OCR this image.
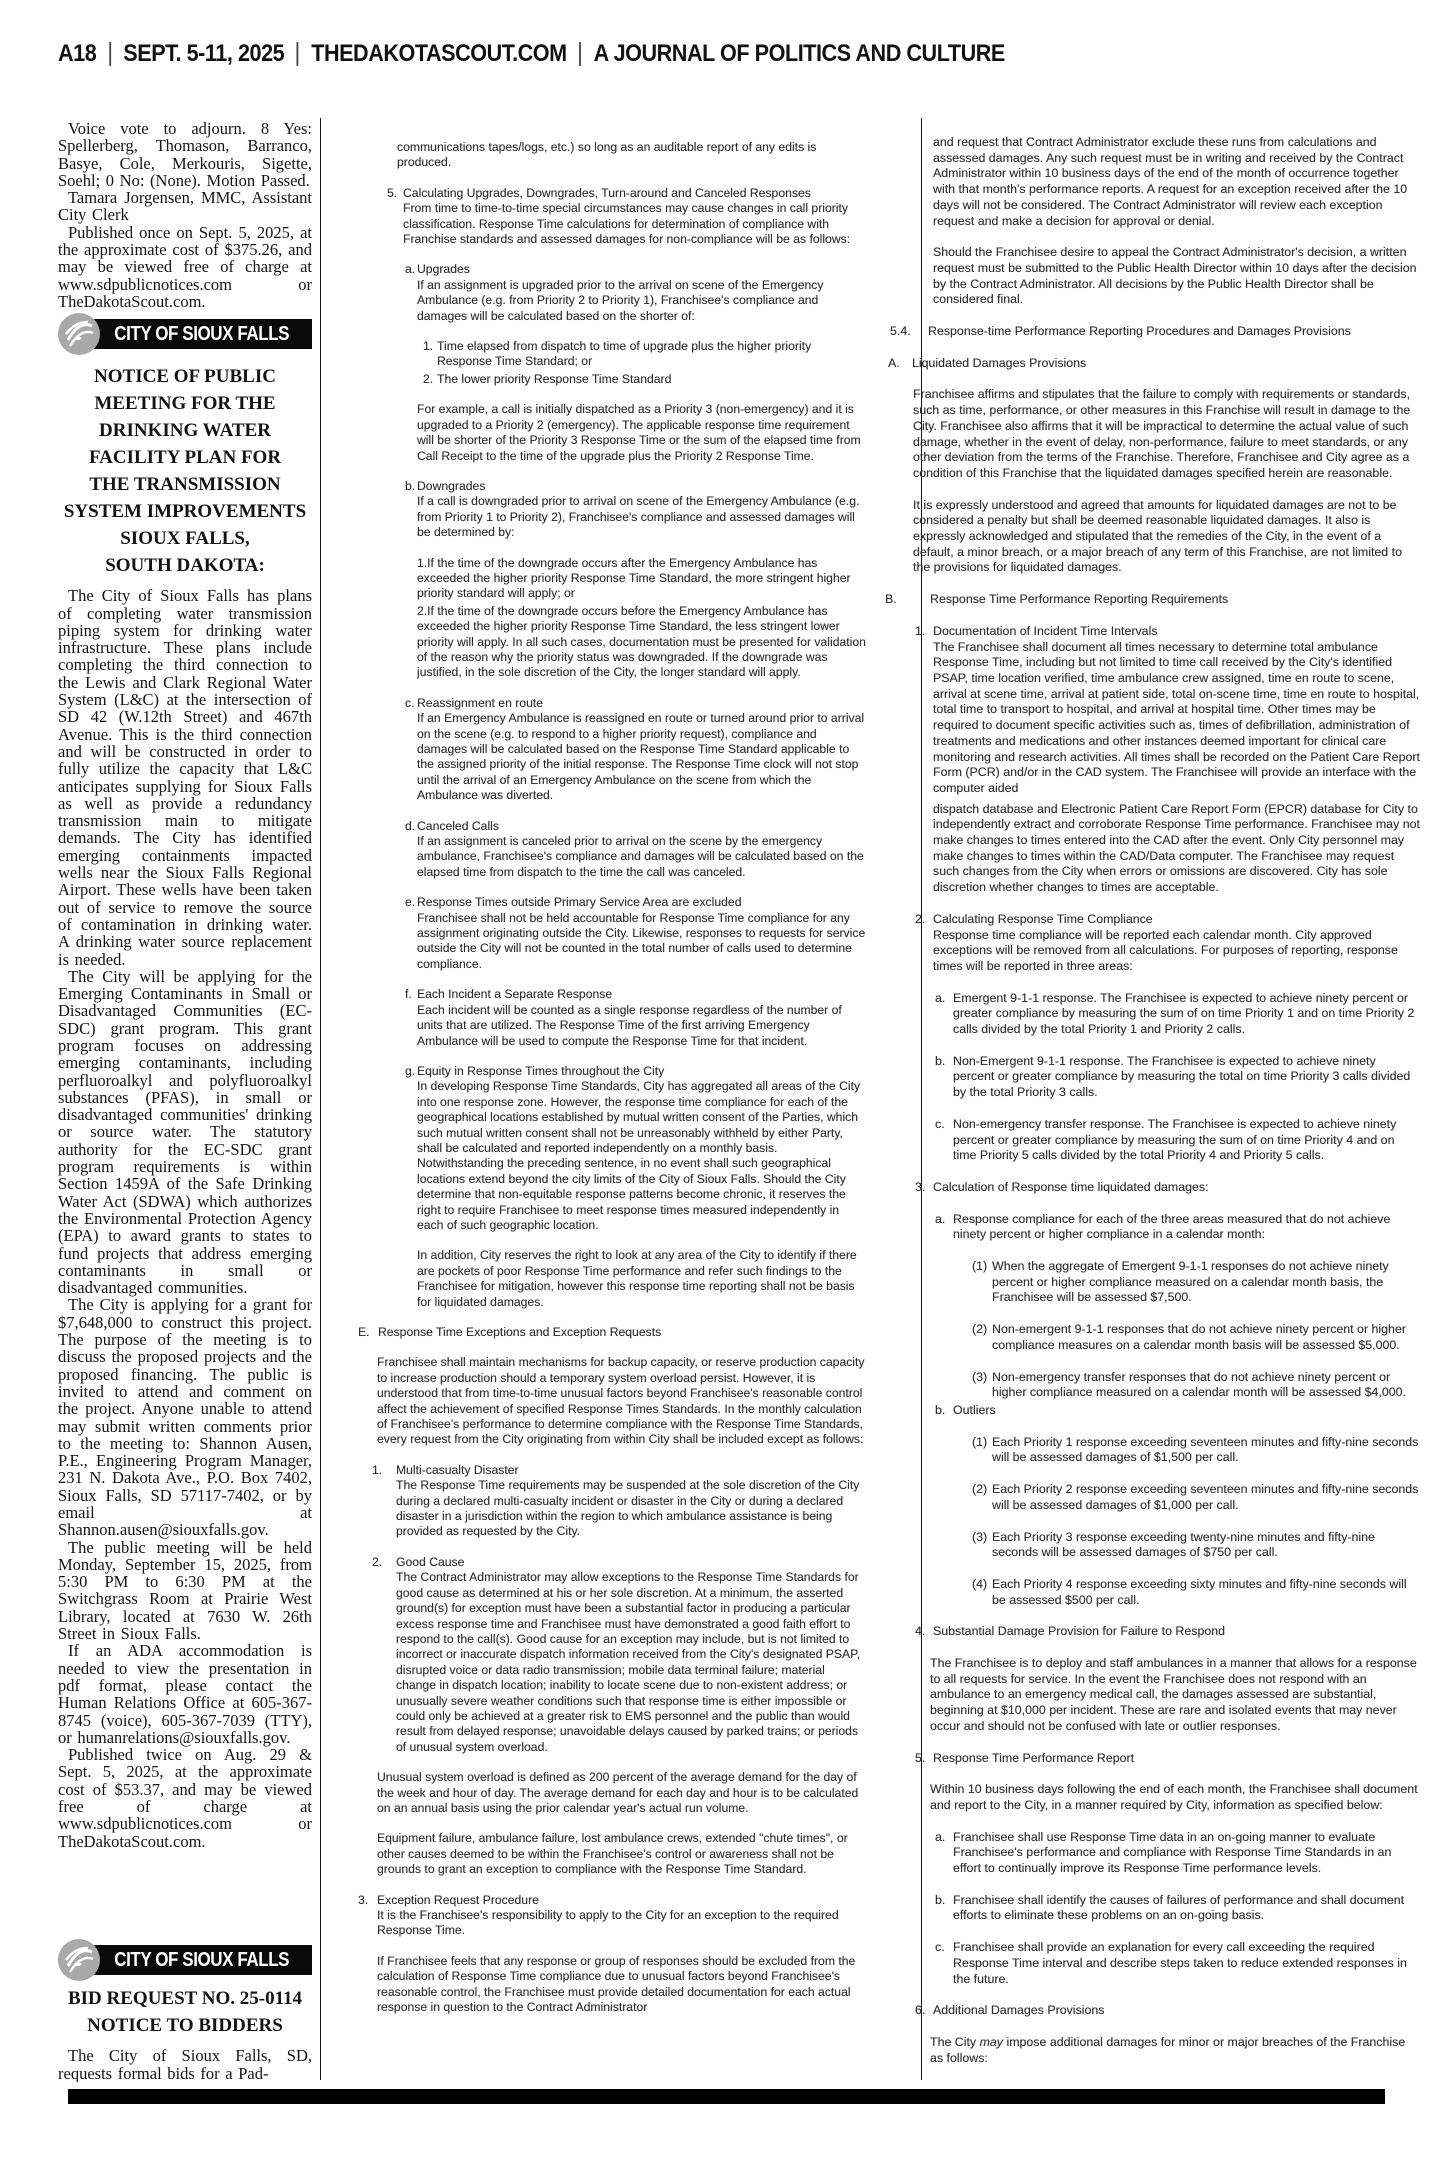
A18 SEPT. 5-11, 2025 THEDAKOTASCOUT.COM A JOURNAL OF POLITICS AND CULTURE

Voice vote to adjourn. 8 Yes: Spellerberg, Thomason, Barranco, Basye, Cole, Merkouris, Sigette, Soehl; 0 No: (None). Motion Passed.

Tamara Jorgensen, MMC, Assistant City Clerk

Published once on Sept. 5, 2025, at the approximate cost of $375.26, and may be viewed free of charge at www.sdpublicnotices.com or TheDakotaScout.com.

CITY OF SIOUX FALLS
NOTICE OF PUBLIC
MEETING FOR THE
DRINKING WATER
FACILITY PLAN FOR
THE TRANSMISSION
SYSTEM IMPROVEMENTS
SIOUX FALLS,
SOUTH DAKOTA:

The City of Sioux Falls has plans of completing water transmission piping system for drinking water infrastructure. These plans include completing the third connection to the Lewis and Clark Regional Water System (L&C) at the intersection of SD 42 (W.12th Street) and 467th Avenue. This is the third connection and will be constructed in order to fully utilize the capacity that L&C anticipates supplying for Sioux Falls as well as provide a redundancy transmission main to mitigate demands. The City has identified emerging containments impacted wells near the Sioux Falls Regional Airport. These wells have been taken out of service to remove the source of contamination in drinking water. A drinking water source replacement is needed.

The City will be applying for the Emerging Contaminants in Small or Disadvantaged Communities (EC-SDC) grant program. This grant program focuses on addressing emerging contaminants, including perfluoroalkyl and polyfluoroalkyl substances (PFAS), in small or disadvantaged communities' drinking or source water. The statutory authority for the EC-SDC grant program requirements is within Section 1459A of the Safe Drinking Water Act (SDWA) which authorizes the Environmental Protection Agency (EPA) to award grants to states to fund projects that address emerging contaminants in small or disadvantaged communities.

The City is applying for a grant for $7,648,000 to construct this project. The purpose of the meeting is to discuss the proposed projects and the proposed financing. The public is invited to attend and comment on the project. Anyone unable to attend may submit written comments prior to the meeting to: Shannon Ausen, P.E., Engineering Program Manager, 231 N. Dakota Ave., P.O. Box 7402, Sioux Falls, SD 57117-7402, or by email at Shannon.ausen@siouxfalls.gov.

The public meeting will be held Monday, September 15, 2025, from 5:30 PM to 6:30 PM at the Switchgrass Room at Prairie West Library, located at 7630 W. 26th Street in Sioux Falls.

If an ADA accommodation is needed to view the presentation in pdf format, please contact the Human Relations Office at 605-367-8745 (voice), 605-367-7039 (TTY), or humanrelations@siouxfalls.gov.

Published twice on Aug. 29 & Sept. 5, 2025, at the approximate cost of $53.37, and may be viewed free of charge at www.sdpublicnotices.com or TheDakotaScout.com.

CITY OF SIOUX FALLS
BID REQUEST NO. 25-0114
NOTICE TO BIDDERS

The City of Sioux Falls, SD, requests formal bids for a Pad-

communications tapes/logs, etc.) so long as an auditable report of any edits is produced.
5. Calculating Upgrades, Downgrades, Turn-around and Canceled Responses
From time to time-to-time special circumstances may cause changes in call priority classification. Response Time calculations for determination of compliance with Franchise standards and assessed damages for non-compliance will be as follows:
a. Upgrades
If an assignment is upgraded prior to the arrival on scene of the Emergency Ambulance (e.g. from Priority 2 to Priority 1), Franchisee's compliance and damages will be calculated based on the shorter of:
1. Time elapsed from dispatch to time of upgrade plus the higher priority Response Time Standard; or
2. The lower priority Response Time Standard
For example, a call is initially dispatched as a Priority 3 (non-emergency) and it is upgraded to a Priority 2 (emergency). The applicable response time requirement will be shorter of the Priority 3 Response Time or the sum of the elapsed time from Call Receipt to the time of the upgrade plus the Priority 2 Response Time.
b. Downgrades
If a call is downgraded prior to arrival on scene of the Emergency Ambulance (e.g. from Priority 1 to Priority 2), Franchisee's compliance and assessed damages will be determined by:
1.If the time of the downgrade occurs after the Emergency Ambulance has exceeded the higher priority Response Time Standard, the more stringent higher priority standard will apply; or
2.If the time of the downgrade occurs before the Emergency Ambulance has exceeded the higher priority Response Time Standard, the less stringent lower priority will apply. In all such cases, documentation must be presented for validation of the reason why the priority status was downgraded. If the downgrade was justified, in the sole discretion of the City, the longer standard will apply.
c. Reassignment en route
If an Emergency Ambulance is reassigned en route or turned around prior to arrival on the scene (e.g. to respond to a higher priority request), compliance and damages will be calculated based on the Response Time Standard applicable to the assigned priority of the initial response. The Response Time clock will not stop until the arrival of an Emergency Ambulance on the scene from which the Ambulance was diverted.
d. Canceled Calls
If an assignment is canceled prior to arrival on the scene by the emergency ambulance, Franchisee's compliance and damages will be calculated based on the elapsed time from dispatch to the time the call was canceled.
e. Response Times outside Primary Service Area are excluded
Franchisee shall not be held accountable for Response Time compliance for any assignment originating outside the City. Likewise, responses to requests for service outside the City will not be counted in the total number of calls used to determine compliance.
f. Each Incident a Separate Response
Each incident will be counted as a single response regardless of the number of units that are utilized. The Response Time of the first arriving Emergency Ambulance will be used to compute the Response Time for that incident.
g. Equity in Response Times throughout the City
In developing Response Time Standards, City has aggregated all areas of the City into one response zone. However, the response time compliance for each of the geographical locations established by mutual written consent of the Parties, which such mutual written consent shall not be unreasonably withheld by either Party, shall be calculated and reported independently on a monthly basis. Notwithstanding the preceding sentence, in no event shall such geographical locations extend beyond the city limits of the City of Sioux Falls. Should the City determine that non-equitable response patterns become chronic, it reserves the right to require Franchisee to meet response times measured independently in each of such geographic location.
In addition, City reserves the right to look at any area of the City to identify if there are pockets of poor Response Time performance and refer such findings to the Franchisee for mitigation, however this response time reporting shall not be basis for liquidated damages.
E. Response Time Exceptions and Exception Requests
Franchisee shall maintain mechanisms for backup capacity, or reserve production capacity to increase production should a temporary system overload persist. However, it is understood that from time-to-time unusual factors beyond Franchisee's reasonable control affect the achievement of specified Response Times Standards. In the monthly calculation of Franchisee's performance to determine compliance with the Response Time Standards, every request from the City originating from within City shall be included except as follows:
1. Multi-casualty Disaster
The Response Time requirements may be suspended at the sole discretion of the City during a declared multi-casualty incident or disaster in the City or during a declared disaster in a jurisdiction within the region to which ambulance assistance is being provided as requested by the City.
2. Good Cause
The Contract Administrator may allow exceptions to the Response Time Standards for good cause as determined at his or her sole discretion. At a minimum, the asserted ground(s) for exception must have been a substantial factor in producing a particular excess response time and Franchisee must have demonstrated a good faith effort to respond to the call(s). Good cause for an exception may include, but is not limited to incorrect or inaccurate dispatch information received from the City's designated PSAP, disrupted voice or data radio transmission; mobile data terminal failure; material change in dispatch location; inability to locate scene due to non-existent address; or unusually severe weather conditions such that response time is either impossible or could only be achieved at a greater risk to EMS personnel and the public than would result from delayed response; unavoidable delays caused by parked trains; or periods of unusual system overload.
Unusual system overload is defined as 200 percent of the average demand for the day of the week and hour of day. The average demand for each day and hour is to be calculated on an annual basis using the prior calendar year's actual run volume.
Equipment failure, ambulance failure, lost ambulance crews, extended "chute times", or other causes deemed to be within the Franchisee's control or awareness shall not be grounds to grant an exception to compliance with the Response Time Standard.
3. Exception Request Procedure
It is the Franchisee's responsibility to apply to the City for an exception to the required Response Time.
If Franchisee feels that any response or group of responses should be excluded from the calculation of Response Time compliance due to unusual factors beyond Franchisee's reasonable control, the Franchisee must provide detailed documentation for each actual response in question to the Contract Administrator
and request that Contract Administrator exclude these runs from calculations and assessed damages. Any such request must be in writing and received by the Contract Administrator within 10 business days of the end of the month of occurrence together with that month's performance reports. A request for an exception received after the 10 days will not be considered. The Contract Administrator will review each exception request and make a decision for approval or denial.
Should the Franchisee desire to appeal the Contract Administrator's decision, a written request must be submitted to the Public Health Director within 10 days after the decision by the Contract Administrator. All decisions by the Public Health Director shall be considered final.
5.4. Response-time Performance Reporting Procedures and Damages Provisions
A. Liquidated Damages Provisions
Franchisee affirms and stipulates that the failure to comply with requirements or standards, such as time, performance, or other measures in this Franchise will result in damage to the City. Franchisee also affirms that it will be impractical to determine the actual value of such damage, whether in the event of delay, non-performance, failure to meet standards, or any other deviation from the terms of the Franchise. Therefore, Franchisee and City agree as a condition of this Franchise that the liquidated damages specified herein are reasonable.
It is expressly understood and agreed that amounts for liquidated damages are not to be considered a penalty but shall be deemed reasonable liquidated damages. It also is expressly acknowledged and stipulated that the remedies of the City, in the event of a default, a minor breach, or a major breach of any term of this Franchise, are not limited to the provisions for liquidated damages.
B.	Response Time Performance Reporting Requirements
1. Documentation of Incident Time Intervals
The Franchisee shall document all times necessary to determine total ambulance Response Time, including but not limited to time call received by the City's identified PSAP, time location verified, time ambulance crew assigned, time en route to scene, arrival at scene time, arrival at patient side, total on-scene time, time en route to hospital, total time to transport to hospital, and arrival at hospital time. Other times may be required to document specific activities such as, times of defibrillation, administration of treatments and medications and other instances deemed important for clinical care monitoring and research activities. All times shall be recorded on the Patient Care Report Form (PCR) and/or in the CAD system. The Franchisee will provide an interface with the computer aided
dispatch database and Electronic Patient Care Report Form (EPCR) database for City to independently extract and corroborate Response Time performance. Franchisee may not make changes to times entered into the CAD after the event. Only City personnel may make changes to times within the CAD/Data computer. The Franchisee may request such changes from the City when errors or omissions are discovered. City has sole discretion whether changes to times are acceptable.
2. Calculating Response Time Compliance
Response time compliance will be reported each calendar month. City approved exceptions will be removed from all calculations. For purposes of reporting, response times will be reported in three areas:
a. Emergent 9-1-1 response. The Franchisee is expected to achieve ninety percent or greater compliance by measuring the sum of on time Priority 1 and on time Priority 2 calls divided by the total Priority 1 and Priority 2 calls.
b. Non-Emergent 9-1-1 response. The Franchisee is expected to achieve ninety percent or greater compliance by measuring the total on time Priority 3 calls divided by the total Priority 3 calls.
c. Non-emergency transfer response. The Franchisee is expected to achieve ninety percent or greater compliance by measuring the sum of on time Priority 4 and on time Priority 5 calls divided by the total Priority 4 and Priority 5 calls.
3. Calculation of Response time liquidated damages:
a. Response compliance for each of the three areas measured that do not achieve ninety percent or higher compliance in a calendar month:
(1) When the aggregate of Emergent 9-1-1 responses do not achieve ninety percent or higher compliance measured on a calendar month basis, the Franchisee will be assessed $7,500.
(2) Non-emergent 9-1-1 responses that do not achieve ninety percent or higher compliance measures on a calendar month basis will be assessed $5,000.
(3) Non-emergency transfer responses that do not achieve ninety percent or higher compliance measured on a calendar month will be assessed $4,000.
b. Outliers
(1) Each Priority 1 response exceeding seventeen minutes and fifty-nine seconds will be assessed damages of $1,500 per call.
(2) Each Priority 2 response exceeding seventeen minutes and fifty-nine seconds will be assessed damages of $1,000 per call.
(3) Each Priority 3 response exceeding twenty-nine minutes and fifty-nine seconds will be assessed damages of $750 per call.
(4) Each Priority 4 response exceeding sixty minutes and fifty-nine seconds will be assessed $500 per call.
4. Substantial Damage Provision for Failure to Respond
The Franchisee is to deploy and staff ambulances in a manner that allows for a response to all requests for service. In the event the Franchisee does not respond with an ambulance to an emergency medical call, the damages assessed are substantial, beginning at $10,000 per incident. These are rare and isolated events that may never occur and should not be confused with late or outlier responses.
5. Response Time Performance Report
Within 10 business days following the end of each month, the Franchisee shall document and report to the City, in a manner required by City, information as specified below:
a. Franchisee shall use Response Time data in an on-going manner to evaluate Franchisee's performance and compliance with Response Time Standards in an effort to continually improve its Response Time performance levels.
b. Franchisee shall identify the causes of failures of performance and shall document efforts to eliminate these problems on an on-going basis.
c. Franchisee shall provide an explanation for every call exceeding the required Response Time interval and describe steps taken to reduce extended responses in the future.
6. Additional Damages Provisions
The City may impose additional damages for minor or major breaches of the Franchise as follows:
